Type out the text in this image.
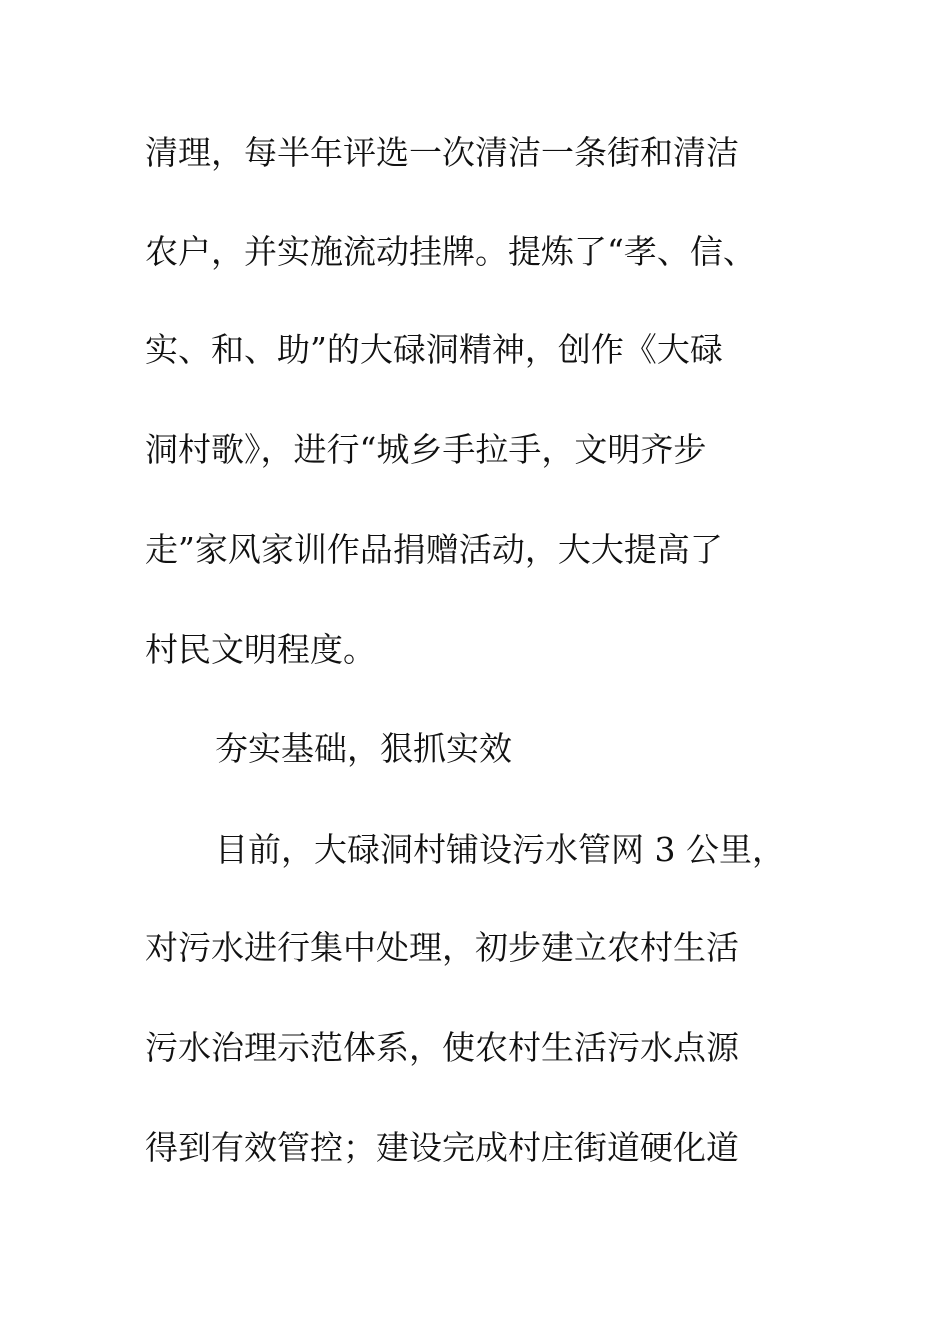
清理，每半年评选一次清洁一条街和清洁
农户，并实施流动挂牌。提炼了“孝、信、
实、和、助”的大碌洞精神，创作《大碌
洞村歌》，进行“城乡手拉手，文明齐步
走”家风家训作品捐赠活动，大大提高了
村民文明程度。
夯实基础，狠抓实效
目前，大碌洞村铺设污水管网 3 公里，
对污水进行集中处理，初步建立农村生活
污水治理示范体系，使农村生活污水点源
得到有效管控；建设完成村庄街道硬化道
